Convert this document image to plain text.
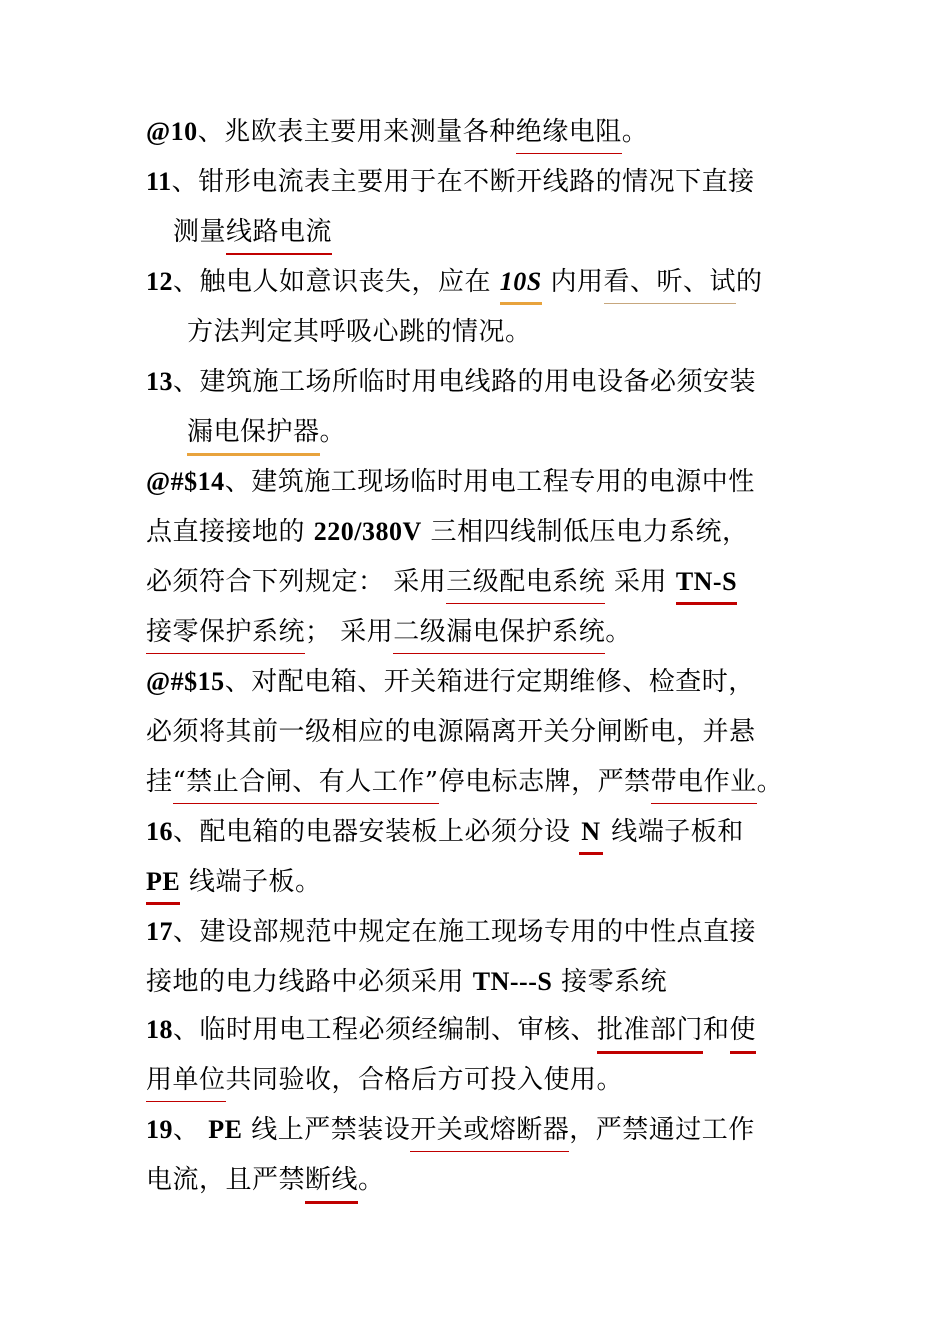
@10、兆欧表主要用来测量各种绝缘电阻。
11、钳形电流表主要用于在不断开线路的情况下直接
测量线路电流
12、触电人如意识丧失，应在 10S 内用看、听、试的
方法判定其呼吸心跳的情况。
13、建筑施工场所临时用电线路的用电设备必须安装
漏电保护器。
@#$14、建筑施工现场临时用电工程专用的电源中性
点直接接地的 220/380V 三相四线制低压电力系统，
必须符合下列规定： 采用三级配电系统 采用 TN-S
接零保护系统； 采用二级漏电保护系统。
@#$15、对配电箱、开关箱进行定期维修、检查时，
必须将其前一级相应的电源隔离开关分闸断电，并悬
挂“禁止合闸、有人工作”停电标志牌，严禁带电作业。
16、配电箱的电器安装板上必须分设 N 线端子板和
PE 线端子板。
17、建设部规范中规定在施工现场专用的中性点直接
接地的电力线路中必须采用 TN---S 接零系统
18、临时用电工程必须经编制、审核、批准部门和使
用单位共同验收，合格后方可投入使用。
19、 PE 线上严禁装设开关或熔断器，严禁通过工作
电流，且严禁断线。
